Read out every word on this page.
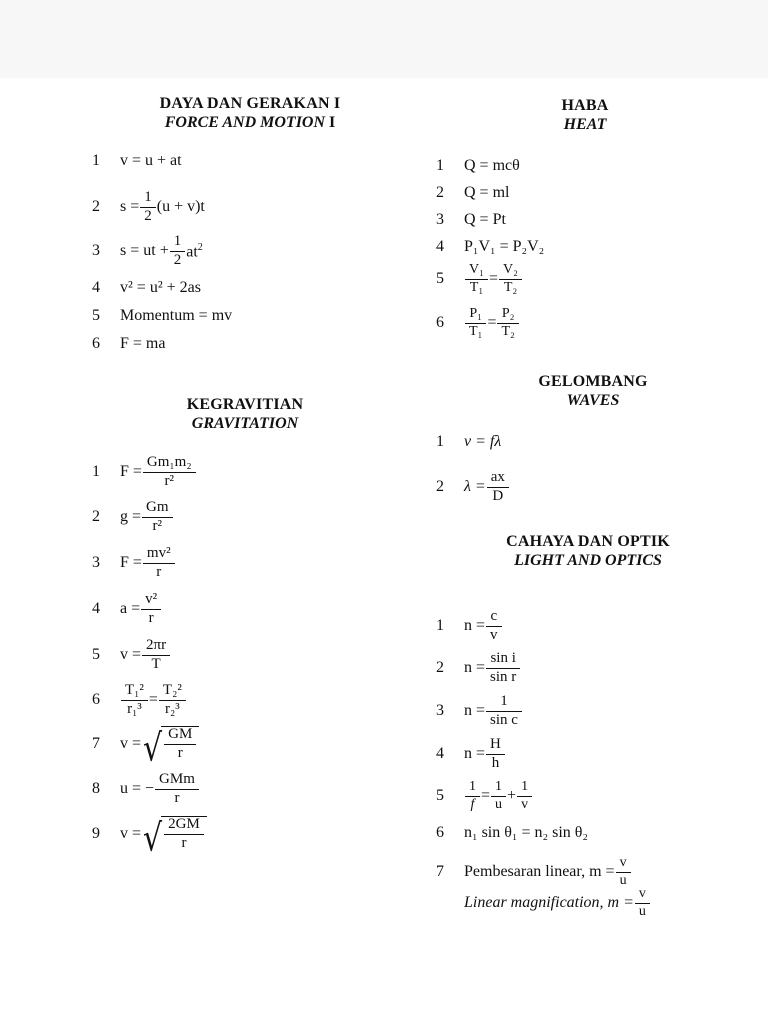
DAYA DAN GERAKAN I
FORCE AND MOTION I
1	v = u + at
2	$s = \frac{1}{2} (u + v)t$
3	s = ut + $\frac{1}{2} at^2$
4	v² = u² + 2as
5	Momentum = mv
6	F = ma
KEGRAVITIAN
GRAVITATION
1	$F = \frac{\text{Gm₁m₂}}{\text{r²}}$
2	$g = \frac{Gm}{\text{r²}}$
3	$F = \frac{\text{mv²}}{r}$
4	$a = \frac{\text{v²}}{r}$
5	$v = \frac{2\pi r}{T}$
6	$\frac{\text{T₁²}}{\text{r₁³}} = \frac{\text{T₂²}}{\text{r₂³}}$
7	v = √ $\frac{GM}{r}$
8	u = − $\frac{\text{GMm}}{r}$
9	v = √ $\frac{2GM}{r}$
HABA
HEAT
1	Q = mcθ
2	Q = ml
3	Q = Pt
4	P₁V₁ = P₂V₂
5	$\frac{\text{V₁}}{\text{T₁}} = \frac{\text{V₂}}{\text{T₂}}$
6	$\frac{\text{P₁}}{\text{T₁}} = \frac{\text{P₂}}{\text{T₂}}$
GELOMBANG
WAVES
1	v = fλ
2	$\lambda = \frac{ax}{D}$
CAHAYA DAN OPTIK
LIGHT AND OPTICS
1	$n = \frac{c}{v}$
2	$n = \frac{\text{sin i}}{\text{sin r}}$
3	$n = \frac{1}{\text{sin c}}$
4	$n = \frac{H}{h}$
5	$\frac{1}{f} = \frac{1}{u} + \frac{1}{v}$
6	n₁ sin θ₁ = n₂ sin θ₂
7	Pembesaran linear, $m = \frac{v}{u}$
Linear magnification, $m = \frac{v}{u}$
